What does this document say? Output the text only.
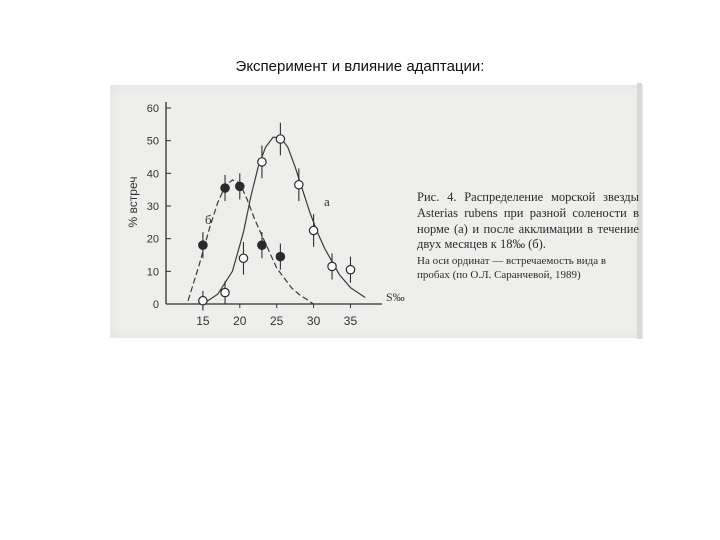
Эксперимент и влияние адаптации:
0
10
20
30
40
50
60
15 20 25 30 35
% встреч
S‰
а
б
Рис. 4. Распределение морской звезды Asterias rubens при разной солености в норме (а) и после акклимации в течение двух месяцев к 18‰ (б).
На оси ординат — встречаемость вида в пробах (по О.Л. Саранчевой, 1989)
